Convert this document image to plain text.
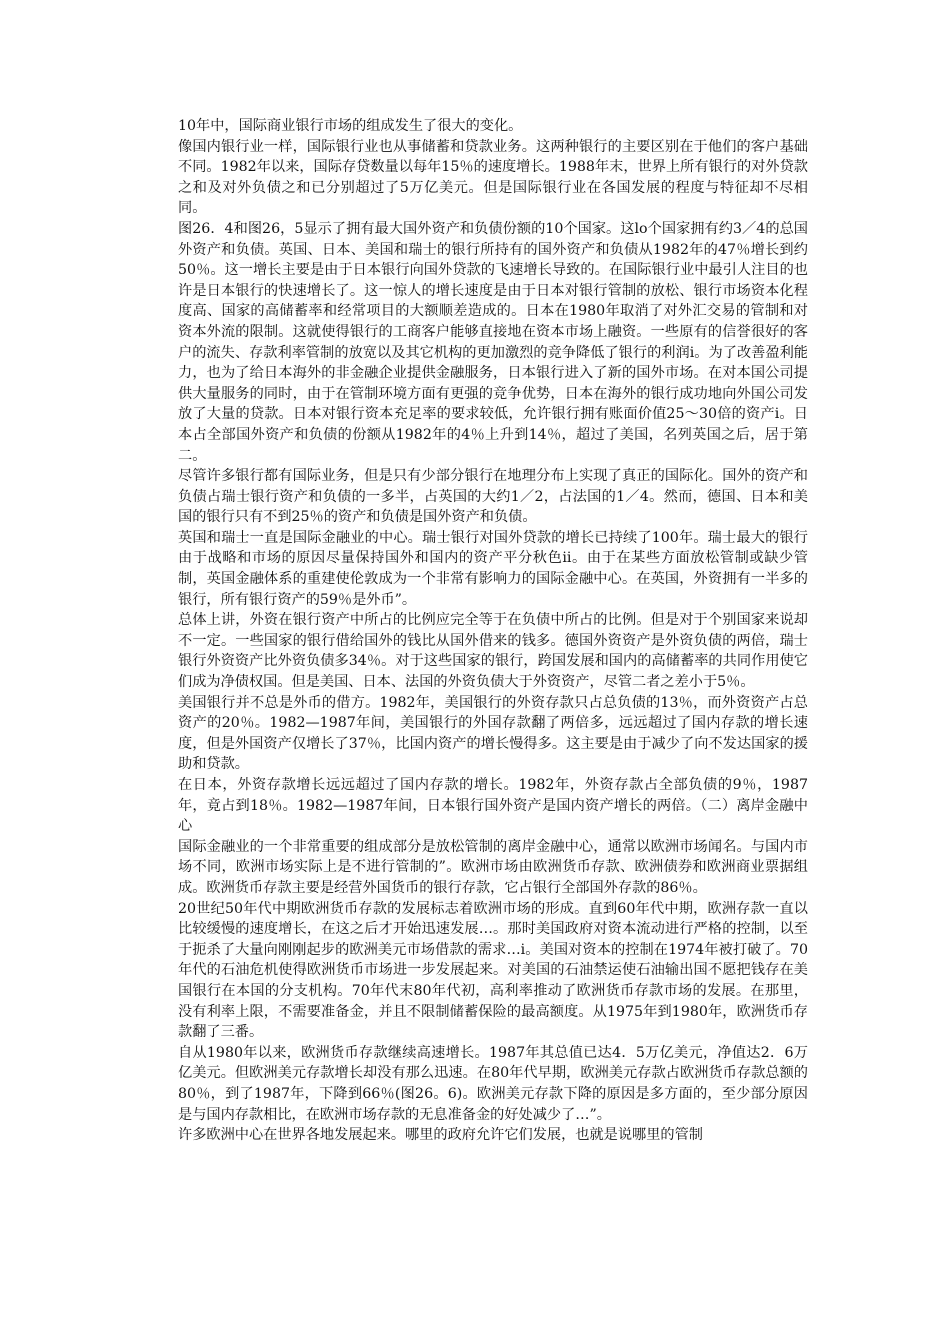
10年中，国际商业银行市场的组成发生了很大的变化。

像国内银行业一样，国际银行业也从事储蓄和贷款业务。这两种银行的主要区别在于他们的客户基础不同。1982年以来，国际存贷数量以每年15％的速度增长。1988年末，世界上所有银行的对外贷款之和及对外负债之和已分别超过了5万亿美元。但是国际银行业在各国发展的程度与特征却不尽相同。

图26．4和图26，5显示了拥有最大国外资产和负债份额的10个国家。这lo个国家拥有约3／4的总国外资产和负债。英国、日本、美国和瑞士的银行所持有的国外资产和负债从1982年的47％增长到约50％。这一增长主要是由于日本银行向国外贷款的飞速增长导致的。在国际银行业中最引人注目的也许是日本银行的快速增长了。这一惊人的增长速度是由于日本对银行管制的放松、银行市场资本化程度高、国家的高储蓄率和经常项目的大额顺差造成的。日本在1980年取消了对外汇交易的管制和对资本外流的限制。这就使得银行的工商客户能够直接地在资本市场上融资。一些原有的信誉很好的客户的流失、存款利率管制的放宽以及其它机构的更加激烈的竞争降低了银行的利润i。为了改善盈利能力，也为了给日本海外的非金融企业提供金融服务，日本银行进入了新的国外市场。在对本国公司提供大量服务的同时，由于在管制环境方面有更强的竞争优势，日本在海外的银行成功地向外国公司发放了大量的贷款。日本对银行资本充足率的要求较低，允许银行拥有账面价值25～30倍的资产i。日本占全部国外资产和负债的份额从1982年的4％上升到14％，超过了美国，名列英国之后，居于第二。

尽管许多银行都有国际业务，但是只有少部分银行在地理分布上实现了真正的国际化。国外的资产和负债占瑞士银行资产和负债的一多半，占英国的大约1／2，占法国的1／4。然而，德国、日本和美国的银行只有不到25％的资产和负债是国外资产和负债。

英国和瑞士一直是国际金融业的中心。瑞士银行对国外贷款的增长已持续了100年。瑞士最大的银行由于战略和市场的原因尽量保持国外和国内的资产平分秋色ii。由于在某些方面放松管制或缺少管制，英国金融体系的重建使伦敦成为一个非常有影响力的国际金融中心。在英国，外资拥有一半多的银行，所有银行资产的59％是外币”。

总体上讲，外资在银行资产中所占的比例应完全等于在负债中所占的比例。但是对于个别国家来说却不一定。一些国家的银行借给国外的钱比从国外借来的钱多。德国外资资产是外资负债的两倍，瑞士银行外资资产比外资负债多34％。对于这些国家的银行，跨国发展和国内的高储蓄率的共同作用使它们成为净债权国。但是美国、日本、法国的外资负债大于外资资产，尽管二者之差小于5％。

美国银行并不总是外币的借方。1982年，美国银行的外资存款只占总负债的13％，而外资资产占总资产的20％。1982—1987年间，美国银行的外国存款翻了两倍多，远远超过了国内存款的增长速度，但是外国资产仅增长了37％，比国内资产的增长慢得多。这主要是由于减少了向不发达国家的援助和贷款。

在日本，外资存款增长远远超过了国内存款的增长。1982年，外资存款占全部负债的9％，1987年，竟占到18％。1982—1987年间，日本银行国外资产是国内资产增长的两倍。（二）离岸金融中心

国际金融业的一个非常重要的组成部分是放松管制的离岸金融中心，通常以欧洲市场闻名。与国内市场不同，欧洲市场实际上是不进行管制的”。欧洲市场由欧洲货币存款、欧洲债券和欧洲商业票据组成。欧洲货币存款主要是经营外国货币的银行存款，它占银行全部国外存款的86％。

20世纪50年代中期欧洲货币存款的发展标志着欧洲市场的形成。直到60年代中期，欧洲存款一直以比较缓慢的速度增长，在这之后才开始迅速发展…。那时美国政府对资本流动进行严格的控制，以至于扼杀了大量向刚刚起步的欧洲美元市场借款的需求…i。美国对资本的控制在1974年被打破了。70年代的石油危机使得欧洲货币市场进一步发展起来。对美国的石油禁运使石油输出国不愿把钱存在美国银行在本国的分支机构。70年代末80年代初，高利率推动了欧洲货币存款市场的发展。在那里，没有利率上限，不需要准备金，并且不限制储蓄保险的最高额度。从1975年到1980年，欧洲货币存款翻了三番。

自从1980年以来，欧洲货币存款继续高速增长。1987年其总值已达4．5万亿美元，净值达2．6万亿美元。但欧洲美元存款增长却没有那么迅速。在80年代早期，欧洲美元存款占欧洲货币存款总额的80％，到了1987年，下降到66％(图26。6)。欧洲美元存款下降的原因是多方面的，至少部分原因是与国内存款相比，在欧洲市场存款的无息准备金的好处减少了…”。

许多欧洲中心在世界各地发展起来。哪里的政府允许它们发展，也就是说哪里的管制
